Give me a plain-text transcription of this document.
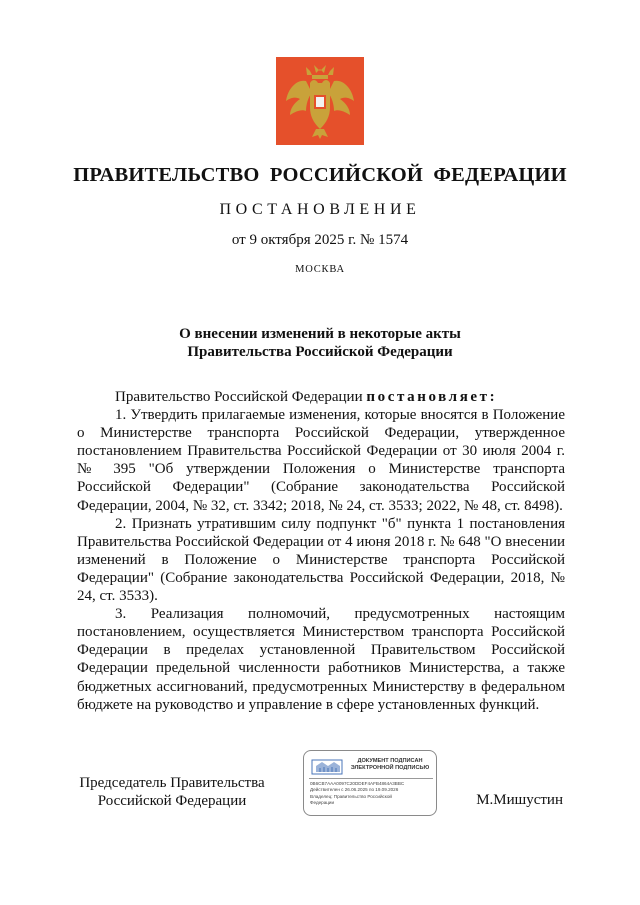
ПРАВИТЕЛЬСТВО РОССИЙСКОЙ ФЕДЕРАЦИИ
ПОСТАНОВЛЕНИЕ
от 9 октября 2025 г. № 1574
МОСКВА
О внесении изменений в некоторые акты
Правительства Российской Федерации

Правительство Российской Федерации постановляет:

1. Утвердить прилагаемые изменения, которые вносятся в Положение о Министерстве транспорта Российской Федерации, утвержденное постановлением Правительства Российской Федерации от 30 июля 2004 г. № 395 "Об утверждении Положения о Министерстве транспорта Российской Федерации" (Собрание законодательства Российской Федерации, 2004, № 32, ст. 3342; 2018, № 24, ст. 3533; 2022, № 48, ст. 8498).

2. Признать утратившим силу подпункт "б" пункта 1 постановления Правительства Российской Федерации от 4 июня 2018 г. № 648 "О внесении изменений в Положение о Министерстве транспорта Российской Федерации" (Собрание законодательства Российской Федерации, 2018, № 24, ст. 3533).

3. Реализация полномочий, предусмотренных настоящим постановлением, осуществляется Министерством транспорта Российской Федерации в пределах установленной Правительством Российской Федерации предельной численности работников Министерства, а также бюджетных ассигнований, предусмотренных Министерству в федеральном бюджете на руководство и управление в сфере установленных функций.

Председатель Правительства
Российской Федерации
ДОКУМЕНТ ПОДПИСАН
ЭЛЕКТРОННОЙ ПОДПИСЬЮ
0B6CB7AAA0097C20DDEF4AFB4864A3BBC
Действителен с 26.06.2025 по 19.09.2026
Владелец: Правительство Российской
Федерации	М.Мишустин
